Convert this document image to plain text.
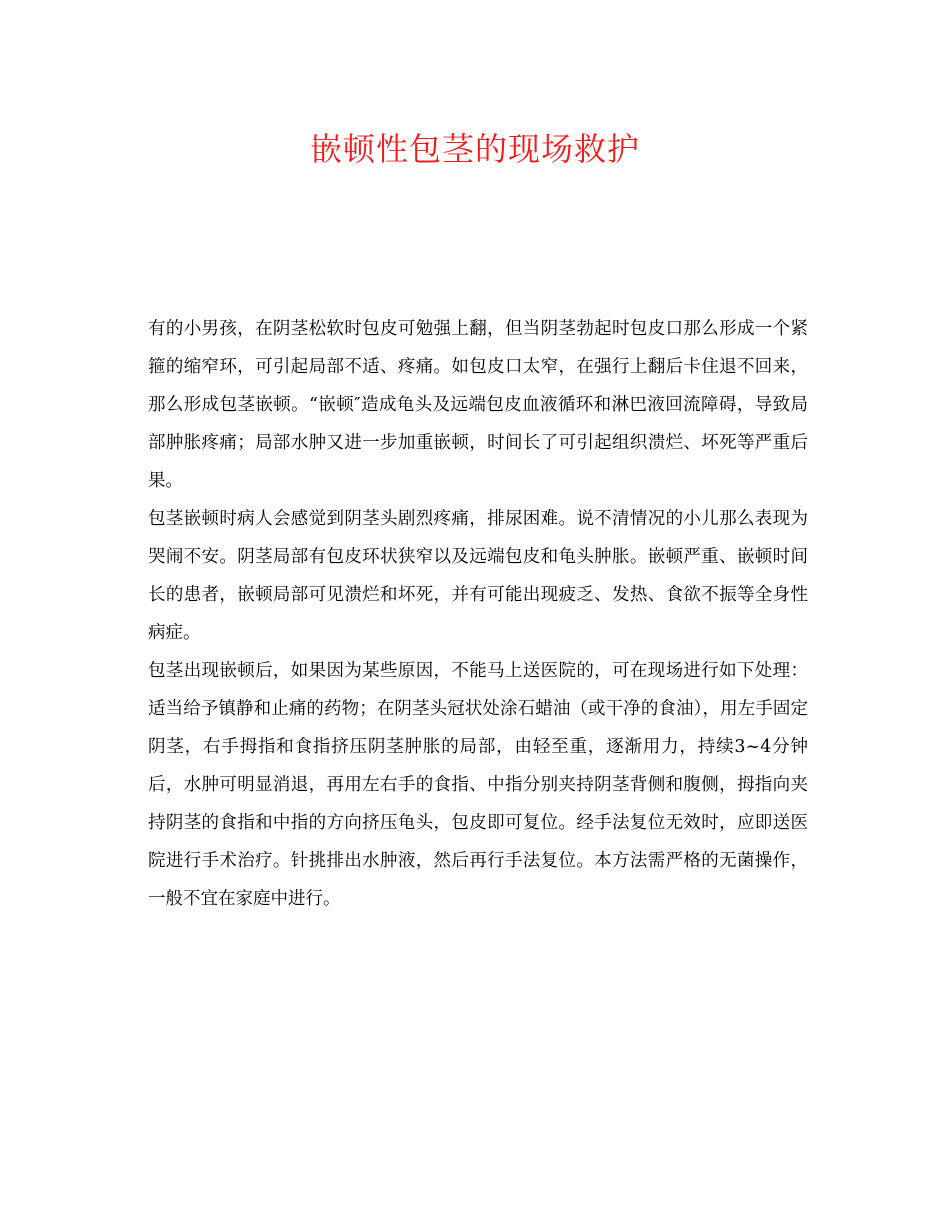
嵌顿性包茎的现场救护

有的小男孩，在阴茎松软时包皮可勉强上翻，但当阴茎勃起时包皮口那么形成一个紧箍的缩窄环，可引起局部不适、疼痛。如包皮口太窄，在强行上翻后卡住退不回来，那么形成包茎嵌顿。“嵌顿″造成龟头及远端包皮血液循环和淋巴液回流障碍，导致局部肿胀疼痛；局部水肿又进一步加重嵌顿，时间长了可引起组织溃烂、坏死等严重后果。

包茎嵌顿时病人会感觉到阴茎头剧烈疼痛，排尿困难。说不清情况的小儿那么表现为哭闹不安。阴茎局部有包皮环状狭窄以及远端包皮和龟头肿胀。嵌顿严重、嵌顿时间长的患者，嵌顿局部可见溃烂和坏死，并有可能出现疲乏、发热、食欲不振等全身性病症。

包茎出现嵌顿后，如果因为某些原因，不能马上送医院的，可在现场进行如下处理：适当给予镇静和止痛的药物；在阴茎头冠状处涂石蜡油（或干净的食油），用左手固定阴茎，右手拇指和食指挤压阴茎肿胀的局部，由轻至重，逐渐用力，持续3~4分钟后，水肿可明显消退，再用左右手的食指、中指分别夹持阴茎背侧和腹侧，拇指向夹持阴茎的食指和中指的方向挤压龟头，包皮即可复位。经手法复位无效时，应即送医院进行手术治疗。针挑排出水肿液，然后再行手法复位。本方法需严格的无菌操作，一般不宜在家庭中进行。
